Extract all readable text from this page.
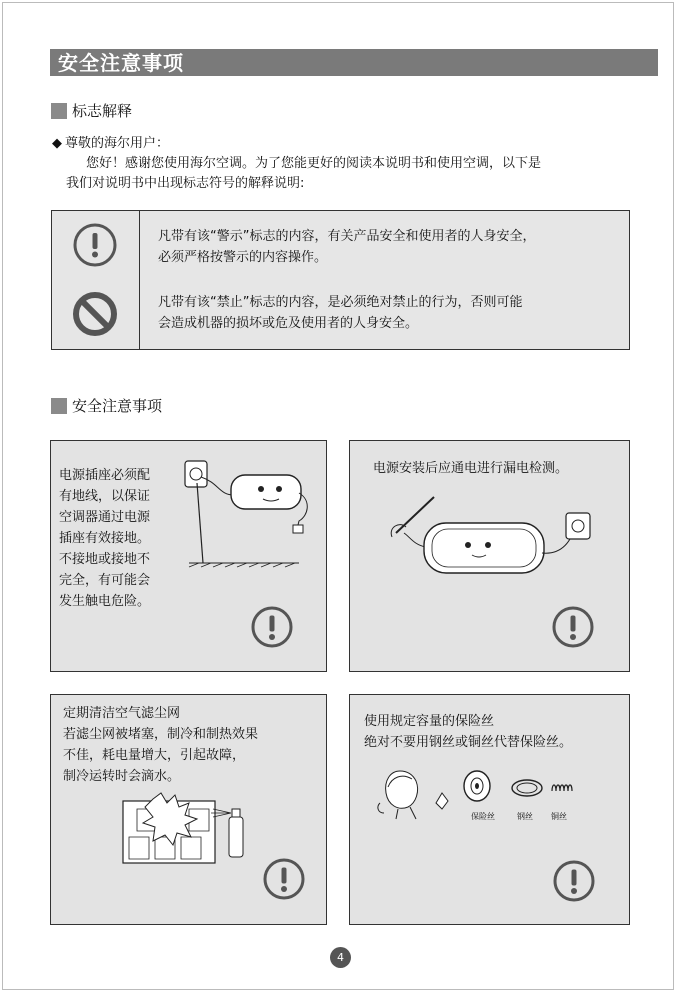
安全注意事项
标志解释
◆ 尊敬的海尔用户：
您好！感谢您使用海尔空调。为了您能更好的阅读本说明书和使用空调，以下是
我们对说明书中出现标志符号的解释说明:
凡带有该“警示”标志的内容，有关产品安全和使用者的人身安全，
必须严格按警示的内容操作。
凡带有该“禁止”标志的内容，是必须绝对禁止的行为，否则可能
会造成机器的损坏或危及使用者的人身安全。
安全注意事项
电源插座必须配
有地线，以保证
空调器通过电源
插座有效接地。
不接地或接地不
完全，有可能会
发生触电危险。
电源安装后应通电进行漏电检测。
定期清洁空气滤尘网
若滤尘网被堵塞，制冷和制热效果
不佳，耗电量增大，引起故障，
制冷运转时会滴水。
使用规定容量的保险丝
绝对不要用钢丝或铜丝代替保险丝。
保险丝	钢丝 铜丝
4
